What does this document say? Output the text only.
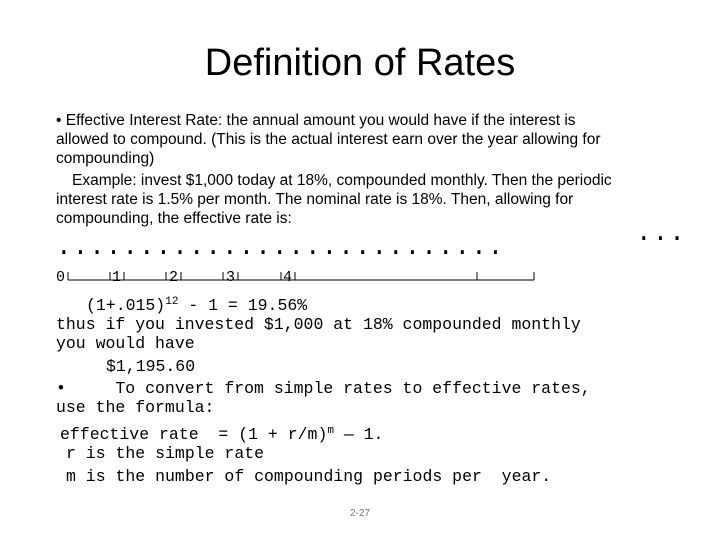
Definition of Rates
• Effective Interest Rate: the annual amount you would have if the interest is
allowed to compound. (This is the actual interest earn over the year allowing for
compounding)
Example: invest $1,000 today at 18%, compounded monthly. Then the periodic
interest rate is 1.5% per month. The nominal rate is 18%. Then, allowing for
compounding, the effective rate is:
...........................	...
0	1	2	3	4
$(1+.015)^{12} - 1 = 19.56\%$
thus if you invested $1,000 at 18% compounded monthly
you would have
$1,195.60
•     To convert from simple rates to effective rates,
use the formula:
effective rate  = $(1 + r/m)^m$ — 1.
r is the simple rate
m is the number of compounding periods per  year.
2-27
